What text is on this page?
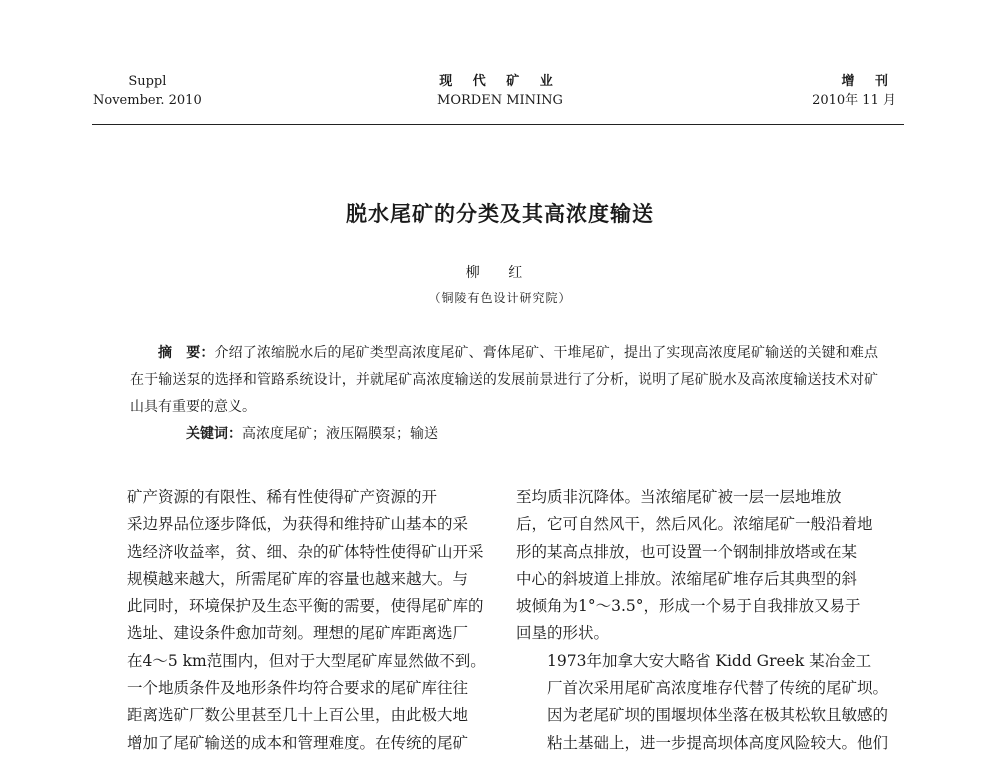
Suppl
November. 2010
现 代 矿 业
MORDEN MINING
增 刊
2010年 11 月
脱水尾矿的分类及其高浓度输送
柳 红
（铜陵有色设计研究院）

摘　要：介绍了浓缩脱水后的尾矿类型高浓度尾矿、膏体尾矿、干堆尾矿，提出了实现高浓度尾矿输送的关键和难点在于输送泵的选择和管路系统设计，并就尾矿高浓度输送的发展前景进行了分析，说明了尾矿脱水及高浓度输送技术对矿山具有重要的意义。

关键词：高浓度尾矿；液压隔膜泵；输送

矿产资源的有限性、稀有性使得矿产资源的开
采边界品位逐步降低，为获得和维持矿山基本的采
选经济收益率，贫、细、杂的矿体特性使得矿山开采
规模越来越大，所需尾矿库的容量也越来越大。与
此同时，环境保护及生态平衡的需要，使得尾矿库的
选址、建设条件愈加苛刻。理想的尾矿库距离选厂
在4～5 km范围内，但对于大型尾矿库显然做不到。
一个地质条件及地形条件均符合要求的尾矿库往往
距离选矿厂数公里甚至几十上百公里，由此极大地
增加了尾矿输送的成本和管理难度。在传统的尾矿

至均质非沉降体。当浓缩尾矿被一层一层地堆放
后，它可自然风干，然后风化。浓缩尾矿一般沿着地
形的某高点排放，也可设置一个钢制排放塔或在某
中心的斜坡道上排放。浓缩尾矿堆存后其典型的斜
坡倾角为1°～3.5°，形成一个易于自我排放又易于
回垦的形状。

1973年加拿大安大略省 Kidd Greek 某冶金工
厂首次采用尾矿高浓度堆存代替了传统的尾矿坝。
因为老尾矿坝的围堰坝体坐落在极其松软且敏感的
粘土基础上，进一步提高坝体高度风险较大。他们
